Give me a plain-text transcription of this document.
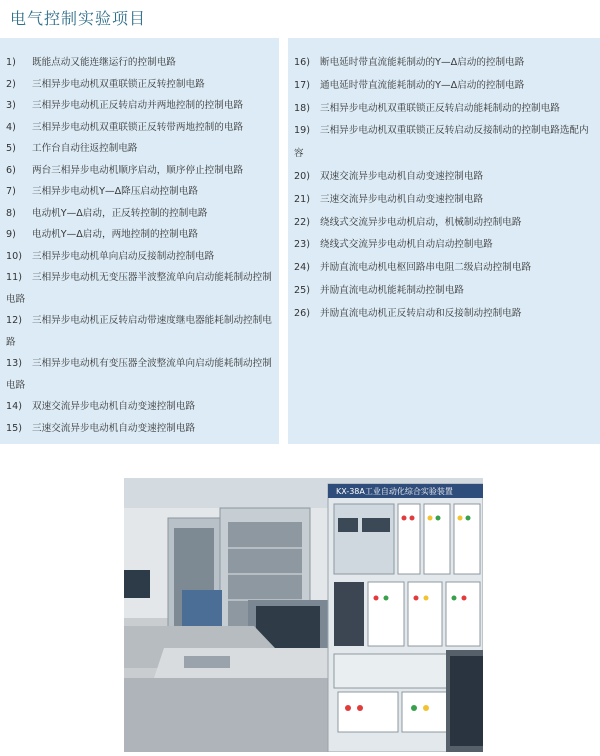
电气控制实验项目
1) 既能点动又能连继运行的控制电路
2) 三相异步电动机双重联锁正反转控制电路
3) 三相异步电动机正反转启动并两地控制的控制电路
4) 三相异步电动机双重联锁正反转带两地控制的电路
5) 工作台自动往返控制电路
6) 两台三相异步电动机顺序启动，顺序停止控制电路
7) 三相异步电动机Y—Δ降压启动控制电路
8) 电动机Y—Δ启动，正反转控制的控制电路
9) 电动机Y—Δ启动，两地控制的控制电路
10) 三相异步电动机单向启动反接制动控制电路
11) 三相异步电动机无变压器半波整流单向启动能耗制动控制电路
12) 三相异步电动机正反转启动带速度继电器能耗制动控制电路
13) 三相异步电动机有变压器全波整流单向启动能耗制动控制电路
14) 双速交流异步电动机自动变速控制电路
15) 三速交流异步电动机自动变速控制电路
16) 断电延时带直流能耗制动的Y—Δ启动的控制电路
17) 通电延时带直流能耗制动的Y—Δ启动的控制电路
18) 三相异步电动机双重联锁正反转启动能耗制动的控制电路
19) 三相异步电动机双重联锁正反转启动反接制动的控制电路选配内容
20) 双速交流异步电动机自动变速控制电路
21) 三速交流异步电动机自动变速控制电路
22) 绕线式交流异步电动机启动，机械制动控制电路
23) 绕线式交流异步电动机自动启动控制电路
24) 并励直流电动机电枢回路串电阻二级启动控制电路
25) 并励直流电动机能耗制动控制电路
26) 并励直流电动机正反转启动和反接制动控制电路
KX-38A工业自动化综合实验装置
